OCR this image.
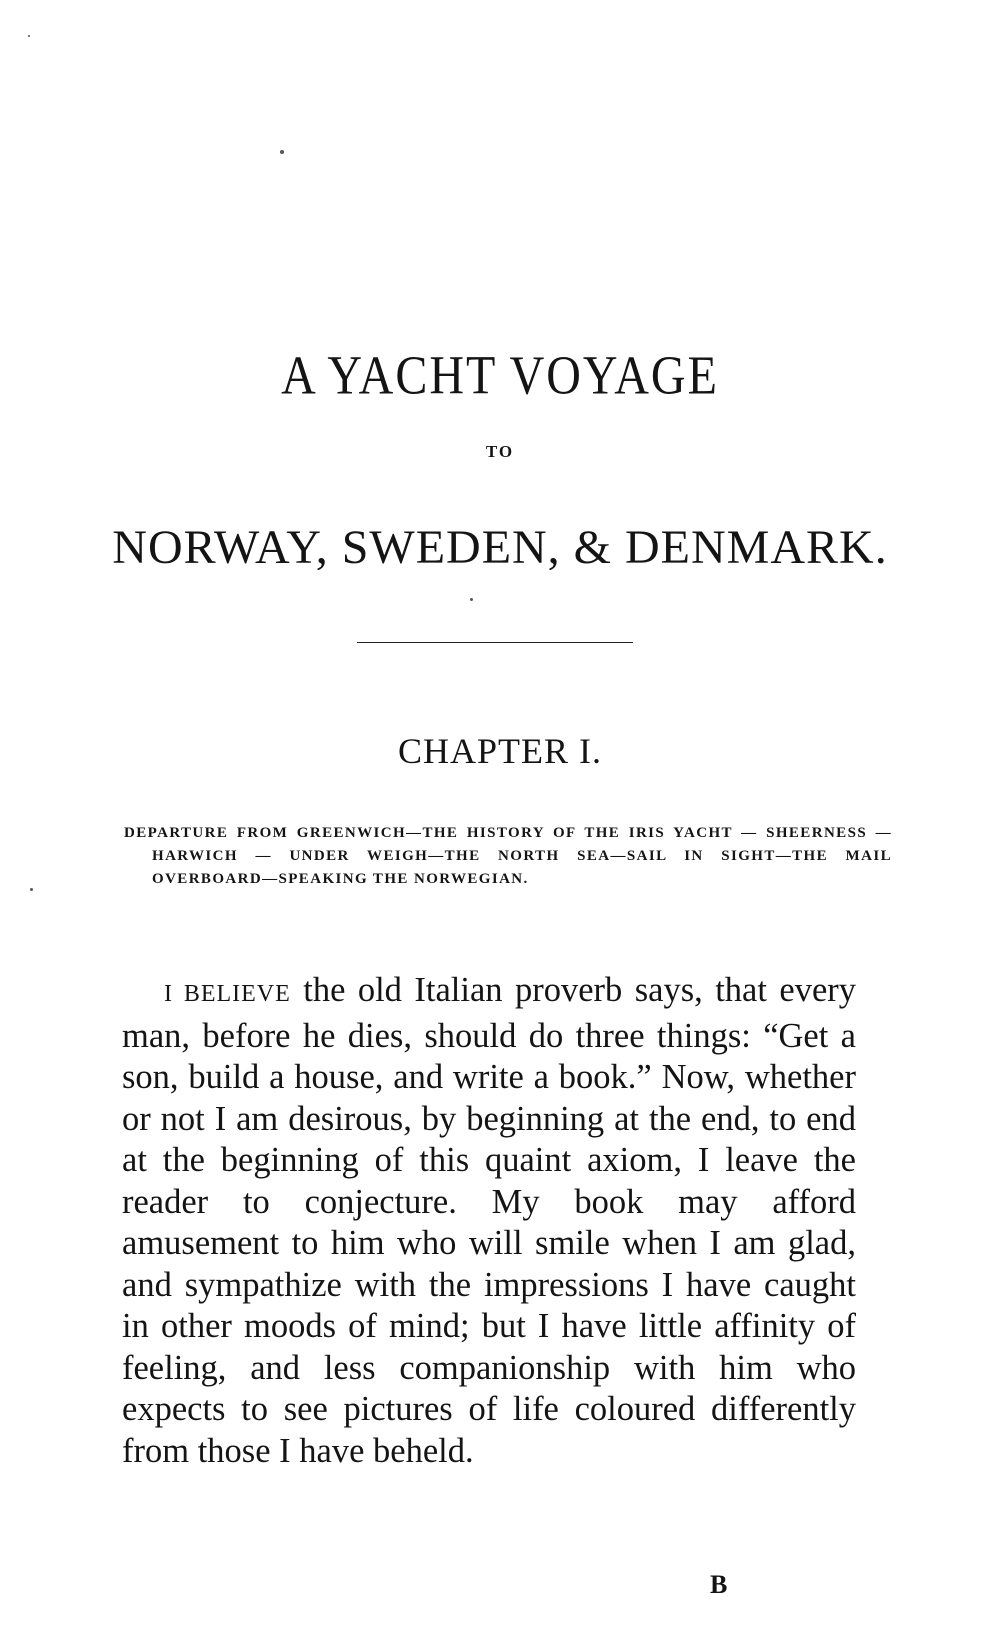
A YACHT VOYAGE
TO
NORWAY, SWEDEN, & DENMARK.
CHAPTER I.

DEPARTURE FROM GREENWICH—THE HISTORY OF THE IRIS YACHT — SHEERNESS — HARWICH — UNDER WEIGH—THE NORTH SEA—SAIL IN SIGHT—THE MAIL OVERBOARD—SPEAKING THE NORWEGIAN.

I BELIEVE the old Italian proverb says, that every man, before he dies, should do three things: “Get a son, build a house, and write a book.” Now, whether or not I am desirous, by beginning at the end, to end at the beginning of this quaint axiom, I leave the reader to conjecture. My book may afford amusement to him who will smile when I am glad, and sympathize with the impressions I have caught in other moods of mind; but I have little affinity of feeling, and less companionship with him who expects to see pictures of life coloured differently from those I have beheld.

B
